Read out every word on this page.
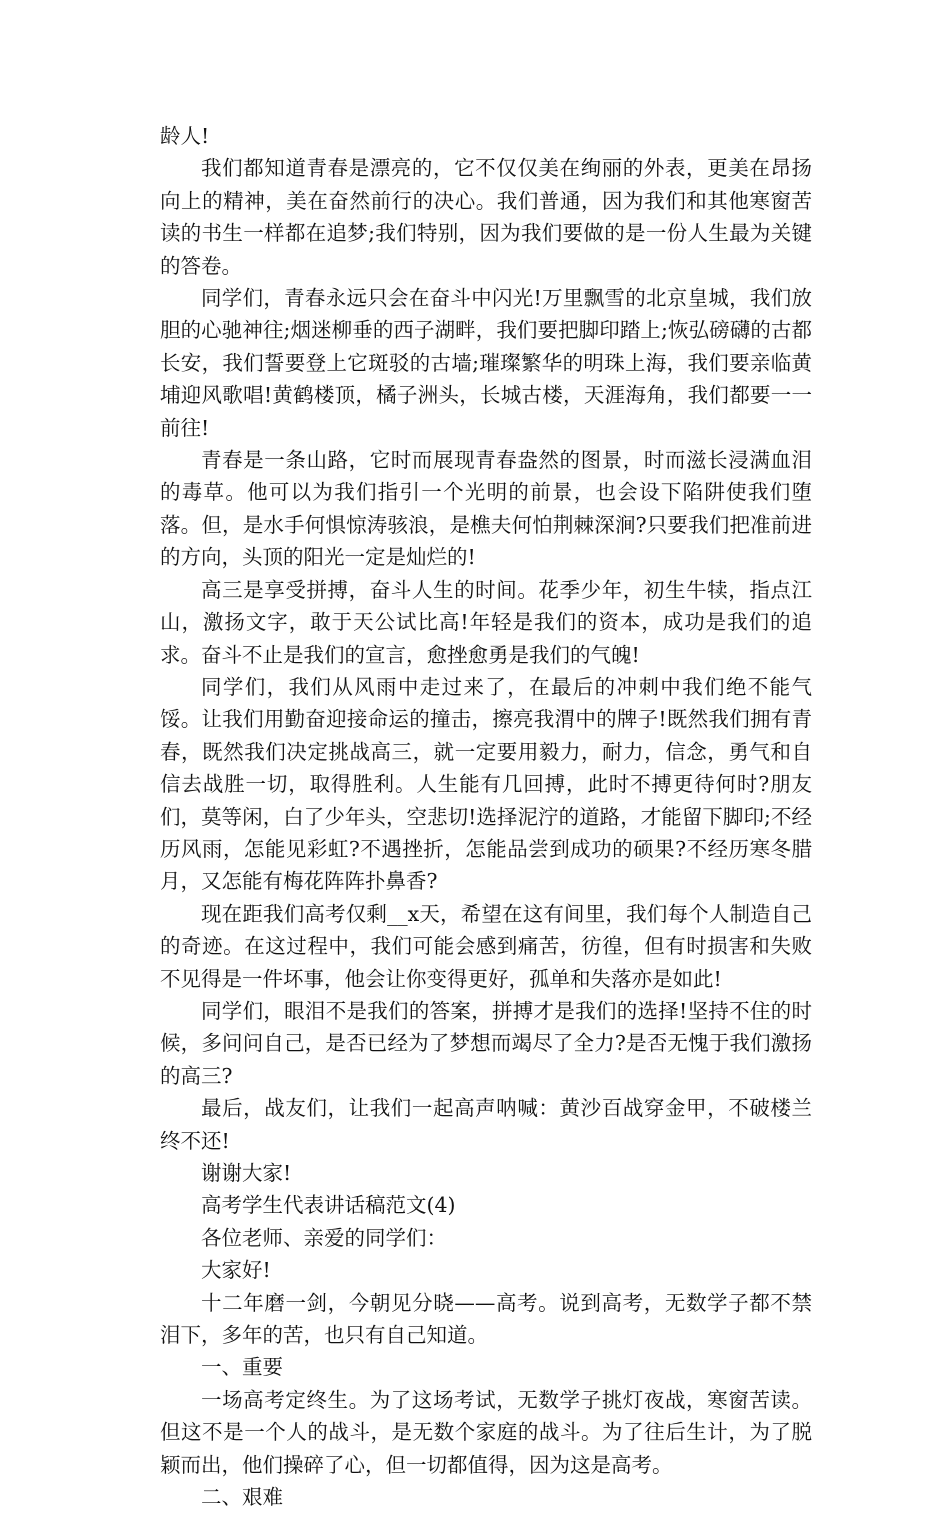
龄人!

我们都知道青春是漂亮的，它不仅仅美在绚丽的外表，更美在昂扬向上的精神，美在奋然前行的决心。我们普通，因为我们和其他寒窗苦读的书生一样都在追梦;我们特别，因为我们要做的是一份人生最为关键的答卷。

同学们，青春永远只会在奋斗中闪光!万里飘雪的北京皇城，我们放胆的心驰神往;烟迷柳垂的西子湖畔，我们要把脚印踏上;恢弘磅礴的古都长安，我们誓要登上它斑驳的古墙;璀璨繁华的明珠上海，我们要亲临黄埔迎风歌唱!黄鹤楼顶，橘子洲头，长城古楼，天涯海角，我们都要一一前往!

青春是一条山路，它时而展现青春盎然的图景，时而滋长浸满血泪的毒草。他可以为我们指引一个光明的前景，也会设下陷阱使我们堕落。但，是水手何惧惊涛骇浪，是樵夫何怕荆棘深涧?只要我们把准前进的方向，头顶的阳光一定是灿烂的!

高三是享受拼搏，奋斗人生的时间。花季少年，初生牛犊，指点江山，激扬文字，敢于天公试比高!年轻是我们的资本，成功是我们的追求。奋斗不止是我们的宣言，愈挫愈勇是我们的气魄!

同学们，我们从风雨中走过来了，在最后的冲刺中我们绝不能气馁。让我们用勤奋迎接命运的撞击，擦亮我渭中的牌子!既然我们拥有青春，既然我们决定挑战高三，就一定要用毅力，耐力，信念，勇气和自信去战胜一切，取得胜利。人生能有几回搏，此时不搏更待何时?朋友们，莫等闲，白了少年头，空悲切!选择泥泞的道路，才能留下脚印;不经历风雨，怎能见彩虹?不遇挫折，怎能品尝到成功的硕果?不经历寒冬腊月，又怎能有梅花阵阵扑鼻香?

现在距我们高考仅剩__x天，希望在这有间里，我们每个人制造自己的奇迹。在这过程中，我们可能会感到痛苦，彷徨，但有时损害和失败不见得是一件坏事，他会让你变得更好，孤单和失落亦是如此!

同学们，眼泪不是我们的答案，拼搏才是我们的选择!坚持不住的时候，多问问自己，是否已经为了梦想而竭尽了全力?是否无愧于我们激扬的高三?

最后，战友们，让我们一起高声呐喊：黄沙百战穿金甲，不破楼兰终不还!

谢谢大家!

高考学生代表讲话稿范文(4)

各位老师、亲爱的同学们：

大家好!

十二年磨一剑，今朝见分晓——高考。说到高考，无数学子都不禁泪下，多年的苦，也只有自己知道。

一、重要

一场高考定终生。为了这场考试，无数学子挑灯夜战，寒窗苦读。但这不是一个人的战斗，是无数个家庭的战斗。为了往后生计，为了脱颖而出，他们操碎了心，但一切都值得，因为这是高考。

二、艰难
